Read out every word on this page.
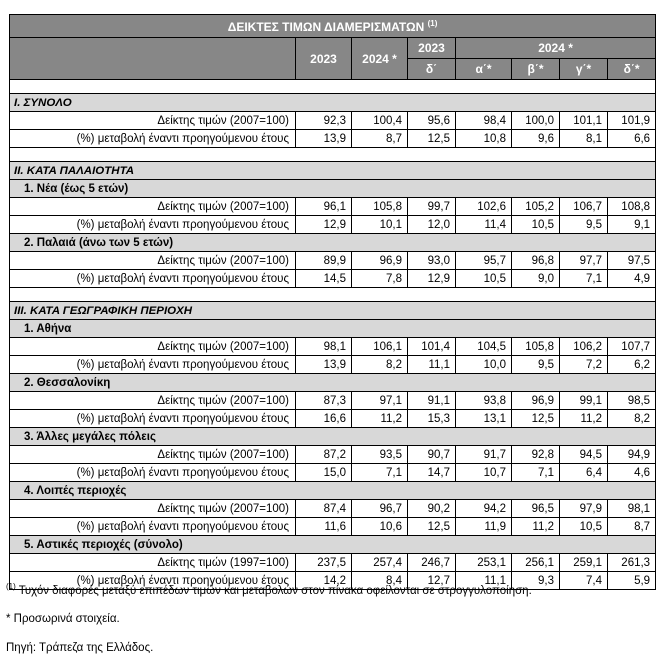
ΔΕΙΚΤΕΣ ΤΙΜΩΝ ΔΙΑΜΕΡΙΣΜΑΤΩΝ $^{(1)}$
	2023	2024 *	2023	2024 *			
			δ΄	α΄*	β΄*	γ΄*	δ΄*

Ι. ΣΥΝΟΛΟ							
Δείκτης τιμών (2007=100)	92,3	100,4	95,6	98,4	100,0	101,1	101,9
(%) μεταβολή έναντι προηγούμενου έτους	13,9	8,7	12,5	10,8	9,6	8,1	6,6

ΙΙ. ΚΑΤΑ ΠΑΛΑΙΟΤΗΤΑ							
1. Νέα (έως 5 ετών)							
Δείκτης τιμών (2007=100)	96,1	105,8	99,7	102,6	105,2	106,7	108,8
(%) μεταβολή έναντι προηγούμενου έτους	12,9	10,1	12,0	11,4	10,5	9,5	9,1
2. Παλαιά (άνω των 5 ετών)							
Δείκτης τιμών (2007=100)	89,9	96,9	93,0	95,7	96,8	97,7	97,5
(%) μεταβολή έναντι προηγούμενου έτους	14,5	7,8	12,9	10,5	9,0	7,1	4,9

ΙΙΙ. ΚΑΤΑ ΓΕΩΓΡΑΦΙΚΗ ΠΕΡΙΟΧΗ							
1. Αθήνα							
Δείκτης τιμών (2007=100)	98,1	106,1	101,4	104,5	105,8	106,2	107,7
(%) μεταβολή έναντι προηγούμενου έτους	13,9	8,2	11,1	10,0	9,5	7,2	6,2
2. Θεσσαλονίκη							
Δείκτης τιμών (2007=100)	87,3	97,1	91,1	93,8	96,9	99,1	98,5
(%) μεταβολή έναντι προηγούμενου έτους	16,6	11,2	15,3	13,1	12,5	11,2	8,2
3. Άλλες μεγάλες πόλεις							
Δείκτης τιμών (2007=100)	87,2	93,5	90,7	91,7	92,8	94,5	94,9
(%) μεταβολή έναντι προηγούμενου έτους	15,0	7,1	14,7	10,7	7,1	6,4	4,6
4. Λοιπές περιοχές							
Δείκτης τιμών (2007=100)	87,4	96,7	90,2	94,2	96,5	97,9	98,1
(%) μεταβολή έναντι προηγούμενου έτους	11,6	10,6	12,5	11,9	11,2	10,5	8,7
5. Αστικές περιοχές (σύνολο)							
Δείκτης τιμών (1997=100)	237,5	257,4	246,7	253,1	256,1	259,1	261,3
(%) μεταβολή έναντι προηγούμενου έτους	14,2	8,4	12,7	11,1	9,3	7,4	5,9
$^{(1)}$ Τυχόν διαφορές μεταξύ επιπέδων τιμών και μεταβολών στον πίνακα οφείλονται σε στρογγυλοποίηση.
* Προσωρινά στοιχεία.
Πηγή: Τράπεζα της Ελλάδος.
